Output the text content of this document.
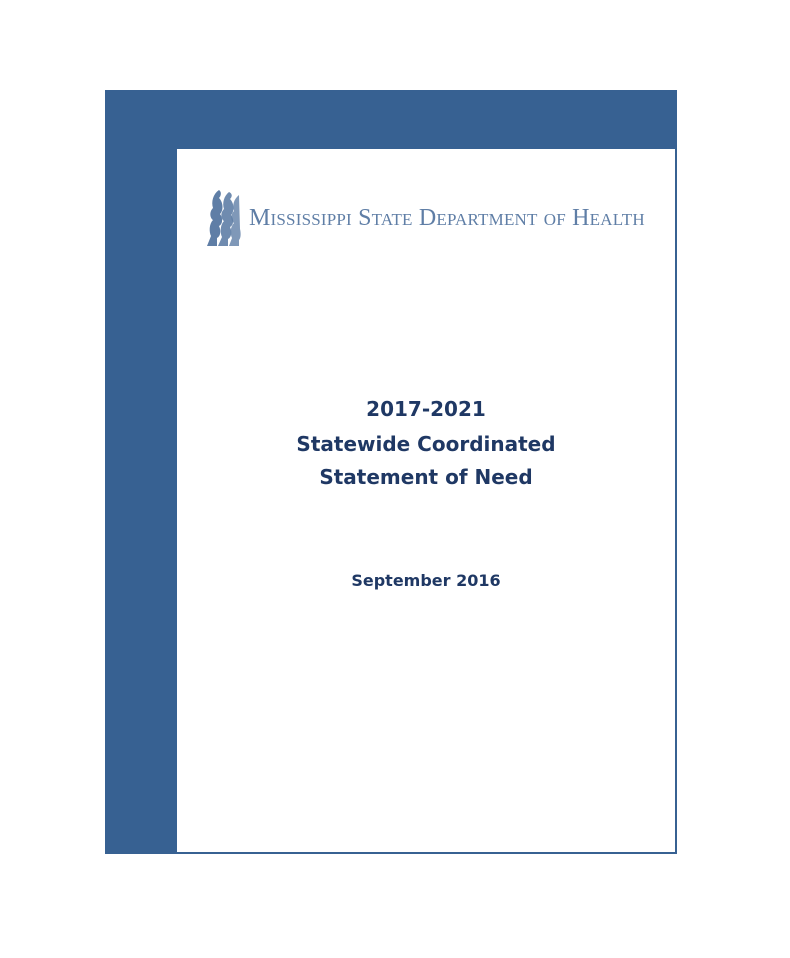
Mississippi State Department of Health
2017-2021
Statewide Coordinated
Statement of Need
September 2016
